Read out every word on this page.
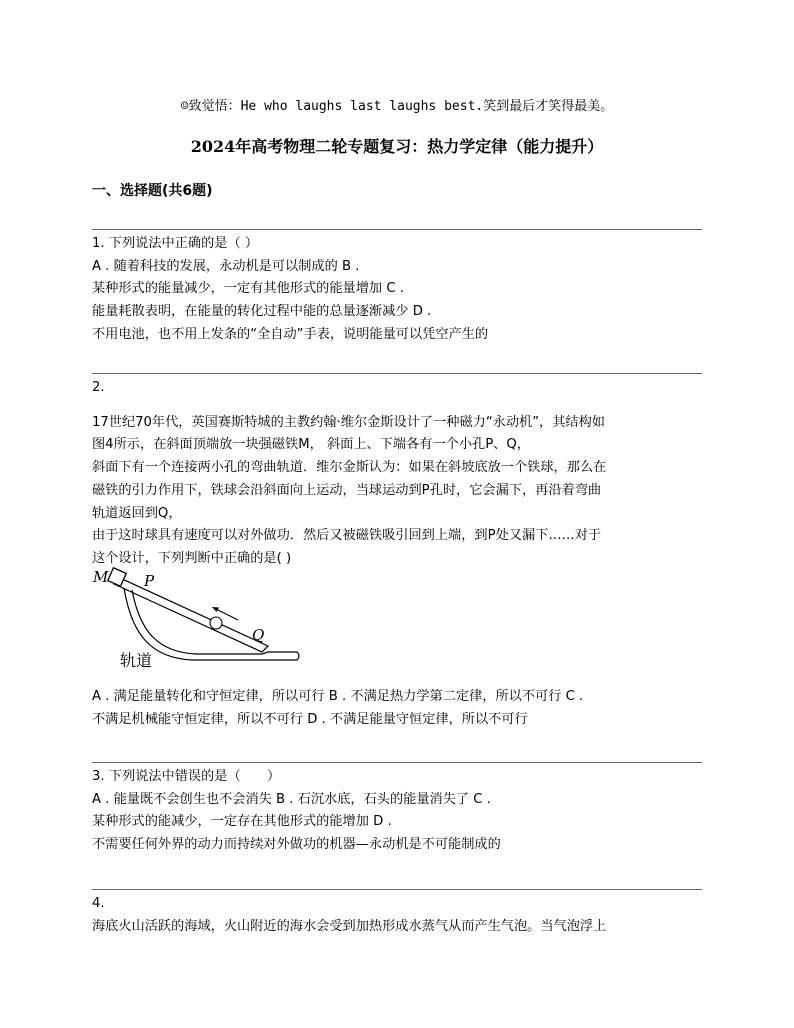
☺致觉悟：He who laughs last laughs best.笑到最后才笑得最美。
2024年高考物理二轮专题复习：热力学定律（能力提升）
一、选择题(共6题)
1. 下列说法中正确的是（ ）
A . 随着科技的发展，永动机是可以制成的 B .
某种形式的能量减少，一定有其他形式的能量增加 C .
能量耗散表明，在能量的转化过程中能的总量逐渐减少 D .
不用电池，也不用上发条的“全自动”手表，说明能量可以凭空产生的
2.
17世纪70年代，英国赛斯特城的主教约翰·维尔金斯设计了一种磁力“永动机”，其结构如
图4所示，在斜面顶端放一块强磁铁M， 斜面上、下端各有一个小孔P、Q，
斜面下有一个连接两小孔的弯曲轨道．维尔金斯认为：如果在斜坡底放一个铁球，那么在
磁铁的引力作用下，铁球会沿斜面向上运动，当球运动到P孔时，它会漏下，再沿着弯曲
轨道返回到Q，
由于这时球具有速度可以对外做功．然后又被磁铁吸引回到上端，到P处又漏下……对于
这个设计，下列判断中正确的是( )
M P
Q
轨道
A . 满足能量转化和守恒定律，所以可行 B . 不满足热力学第二定律，所以不可行 C .
不满足机械能守恒定律，所以不可行 D . 不满足能量守恒定律，所以不可行
3. 下列说法中错误的是（　　）
A . 能量既不会创生也不会消失 B . 石沉水底，石头的能量消失了 C .
某种形式的能减少，一定存在其他形式的能增加 D .
不需要任何外界的动力而持续对外做功的机器—永动机是不可能制成的
4.
海底火山活跃的海域，火山附近的海水会受到加热形成水蒸气从而产生气泡。当气泡浮上
